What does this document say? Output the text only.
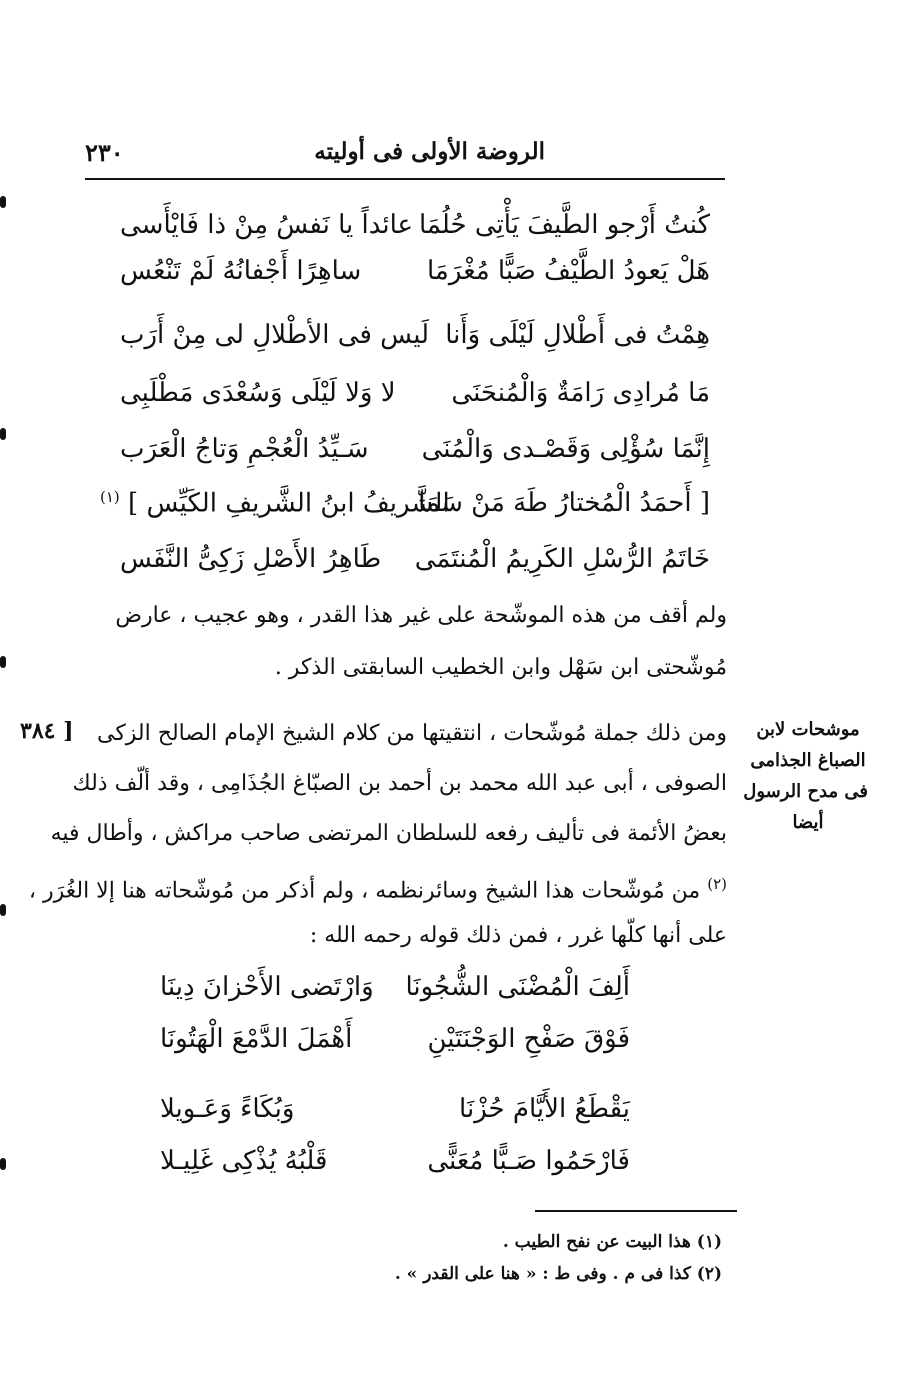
٢٣٠	الروضة الأولى فى أوليته
كُنتُ أَرْجو الطَّيفَ يَأْتِى حُلُمَا
عائداً يا نَفسُ مِنْ ذا فَايْأَسى
هَلْ يَعودُ الطَّيْفُ صَبًّا مُغْرَمَا
ساهِرًا أَجْفانُهُ لَمْ تَنْعُس
هِمْتُ فى أَطْلالِ لَيْلَى وَأَنا
لَيس فى الأطْلالِ لى مِنْ أَرَب
مَا مُرادِى رَامَةٌ وَالْمُنحَنَى
لا وَلا لَيْلَى وَسُعْدَى مَطْلَبِى
إِنَّمَا سُؤْلِى وَقَصْـدى وَالْمُنَى
سَـيِّدُ الْعُجْمِ وَتاجُ الْعَرَب
[ أَحمَدُ الْمُختارُ طَهَ مَنْ سَمَا
$^{(١)}$ الشَّريفُ ابنُ الشَّريفِ الكَيِّس ]
خَاتَمُ الرُّسْلِ الكَرِيمُ الْمُنتَمَى
طَاهِرُ الأَصْلِ زَكِىُّ النَّفَس
ولم أقف من هذه الموشّحة على غير هذا القدر ، وهو عجيب ، عارض
مُوشّحتى ابن سَهْل وابن الخطيب السابقتى الذكر .
[ ٣٨٤	موشحات لابن
الصباغ الجذامى
فى مدح الرسول
أيضا
ومن ذلك جملة مُوشّحات ، انتقيتها من كلام الشيخ الإمام الصالح الزكى
الصوفى ، أبى عبد الله محمد بن أحمد بن الصبّاغ الجُذَامِى ، وقد ألّف ذلك
بعضُ الأئمة فى تأليف رفعه للسلطان المرتضى صاحب مراكش ، وأطال فيه
من مُوشّحات هذا الشيخ وسائرنظمه ، ولم أذكر من مُوشّحاته هنا إلا الغُرَر ، $^{(٢)}$
على أنها كلّها غرر ، فمن ذلك قوله رحمه الله :
أَلِفَ الْمُضْنَى الشُّجُونَا
وَارْتَضى الأَحْزانَ دِينَا
فَوْقَ صَفْحِ الوَجْنَتَيْنِ
أَهْمَلَ الدَّمْعَ الْهَتُونَا
يَقْطَعُ الأَيَّامَ حُزْنَا
وَبُكَاءً وَعَـويلا
فَارْحَمُوا صَـبًّا مُعَنًّى
قَلْبُهُ يُذْكِى غَلِيـلا
(١) هذا البيت عن نفح الطيب .
(٢) كذا فى م . وفى ط : « هنا على القدر » .
